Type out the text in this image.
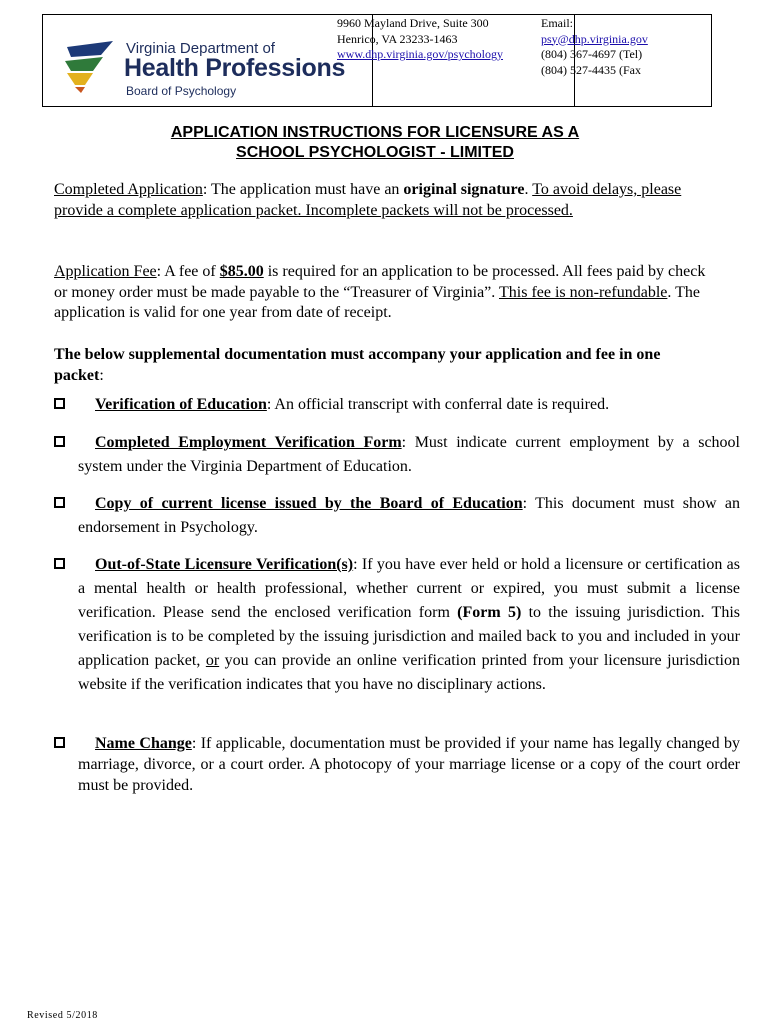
Virginia Department of
Health Professions
Board of Psychology
9960 Mayland Drive, Suite 300
Henrico, VA 23233-1463
www.dhp.virginia.gov/psychology
Email:
psy@dhp.virginia.gov
(804) 367-4697 (Tel)
(804) 527-4435 (Fax
APPLICATION INSTRUCTIONS FOR LICENSURE AS A
SCHOOL PSYCHOLOGIST - LIMITED
Completed Application: The application must have an original signature. To avoid delays, please provide a complete application packet. Incomplete packets will not be processed.
Application Fee: A fee of $85.00 is required for an application to be processed. All fees paid by check or money order must be made payable to the “Treasurer of Virginia”. This fee is non-refundable. The application is valid for one year from date of receipt.
The below supplemental documentation must accompany your application and fee in one packet:
Verification of Education: An official transcript with conferral date is required.
Completed Employment Verification Form: Must indicate current employment by a school system under the Virginia Department of Education.
Copy of current license issued by the Board of Education: This document must show an endorsement in Psychology.
Out-of-State Licensure Verification(s): If you have ever held or hold a licensure or certification as a mental health or health professional, whether current or expired, you must submit a license verification. Please send the enclosed verification form (Form 5) to the issuing jurisdiction. This verification is to be completed by the issuing jurisdiction and mailed back to you and included in your application packet, or you can provide an online verification printed from your licensure jurisdiction website if the verification indicates that you have no disciplinary actions.
Name Change: If applicable, documentation must be provided if your name has legally changed by marriage, divorce, or a court order. A photocopy of your marriage license or a copy of the court order must be provided.
Revised 5/2018
